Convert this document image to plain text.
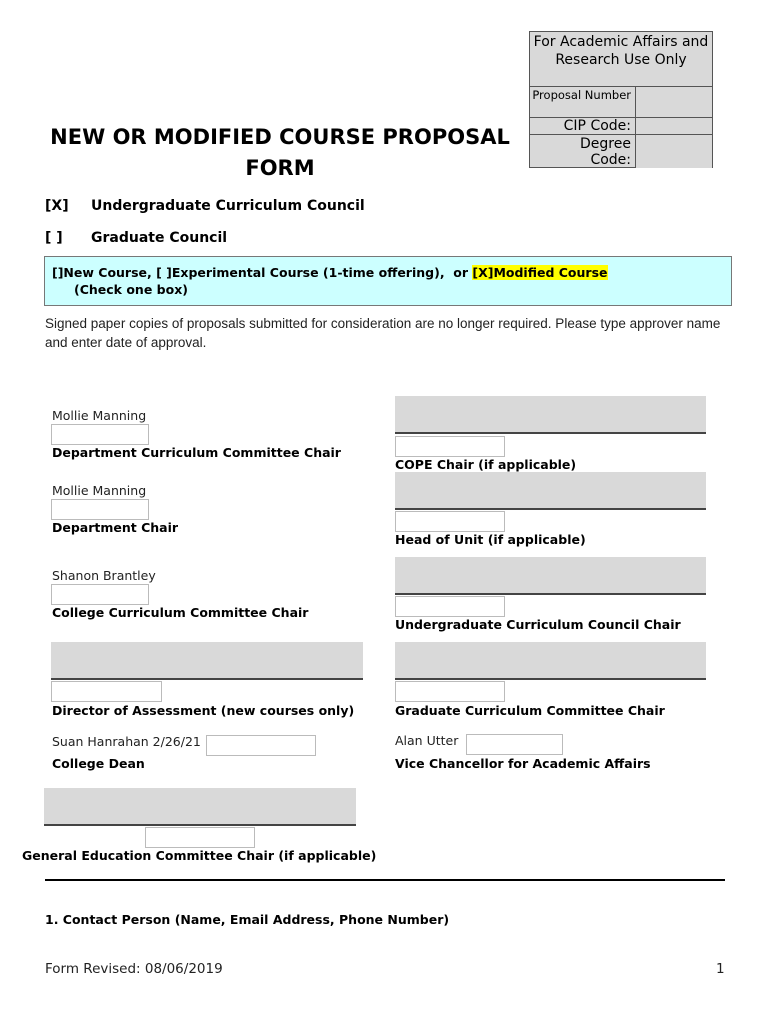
For Academic Affairs and Research Use Only
Proposal Number
CIP Code:
Degree Code:
NEW OR MODIFIED COURSE PROPOSAL FORM
[X] Undergraduate Curriculum Council
[ ] Graduate Council
[]New Course, [ ]Experimental Course (1-time offering),  or [X]Modified Course
(Check one box)
Signed paper copies of proposals submitted for consideration are no longer required. Please type approver name and enter date of approval.
Mollie Manning
Department Curriculum Committee Chair
Mollie Manning
Department Chair
Shanon Brantley
College Curriculum Committee Chair
Director of Assessment (new courses only)
Suan Hanrahan 2/26/21
College Dean
General Education Committee Chair (if applicable)
COPE Chair (if applicable)
Head of Unit (if applicable)
Undergraduate Curriculum Council Chair
Graduate Curriculum Committee Chair
Alan Utter
Vice Chancellor for Academic Affairs
1. Contact Person (Name, Email Address, Phone Number)
Form Revised: 08/06/2019	1
